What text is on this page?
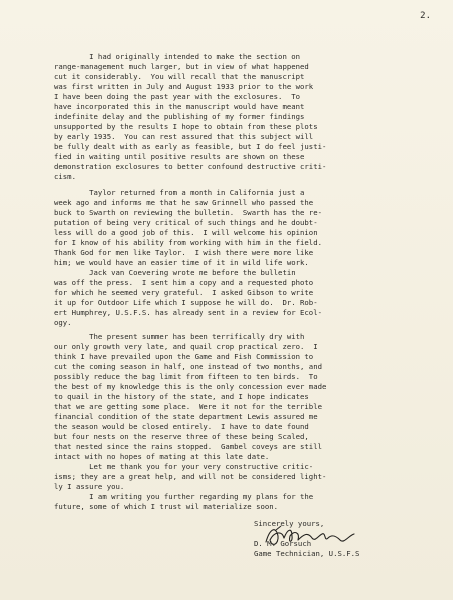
2.
I had originally intended to make the section on
range-management much larger, but in view of what happened
cut it considerably.  You will recall that the manuscript
was first written in July and August 1933 prior to the work
I have been doing the past year with the exclosures.  To
have incorporated this in the manuscript would have meant
indefinite delay and the publishing of my former findings
unsupported by the results I hope to obtain from these plots
by early 1935.  You can rest assured that this subject will
be fully dealt with as early as feasible, but I do feel justi-
fied in waiting until positive results are shown on these
demonstration exclosures to better confound destructive criti-
cism.
Taylor returned from a month in California just a
week ago and informs me that he saw Grinnell who passed the
buck to Swarth on reviewing the bulletin.  Swarth has the re-
putation of being very critical of such things and he doubt-
less will do a good job of this.  I will welcome his opinion
for I know of his ability from working with him in the field.
Thank God for men like Taylor.  I wish there were more like
him; we would have an easier time of it in wild life work.
Jack van Coevering wrote me before the bulletin
was off the press.  I sent him a copy and a requested photo
for which he seemed very grateful.  I asked Gibson to write
it up for Outdoor Life which I suppose he will do.  Dr. Rob-
ert Humphrey, U.S.F.S. has already sent in a review for Ecol-
ogy.
The present summer has been terrifically dry with
our only growth very late, and quail crop practical zero.  I
think I have prevailed upon the Game and Fish Commission to
cut the coming season in half, one instead of two months, and
possibly reduce the bag limit from fifteen to ten birds.  To
the best of my knowledge this is the only concession ever made
to quail in the history of the state, and I hope indicates
that we are getting some place.  Were it not for the terrible
financial condition of the state department Lewis assured me
the season would be closed entirely.  I have to date found
but four nests on the reserve three of these being Scaled,
that nested since the rains stopped.  Gambel coveys are still
intact with no hopes of mating at this late date.
Let me thank you for your very constructive critic-
isms; they are a great help, and will not be considered light-
ly I assure you.
I am writing you further regarding my plans for the
future, some of which I trust wil materialize soon.
Sincerely yours,
D. M. Gorsuch
Game Technician, U.S.F.S
